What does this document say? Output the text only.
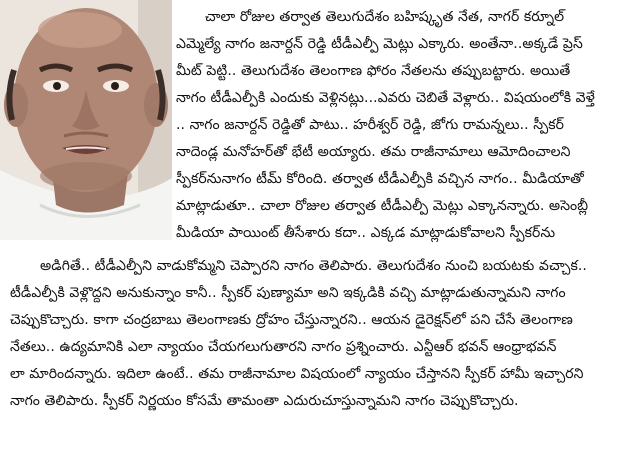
చాలా రోజుల తర్వాత తెలుగుదేశం బహిష్కృత నేత, నాగర్ కర్నూల్
ఎమ్మెల్యే నాగం జనార్దన్ రెడ్డి టీడీఎల్పీ మెట్లు ఎక్కారు. అంతేనా..అక్కడే ప్రెస్
మీట్ పెట్టి.. తెలుగుదేశం తెలంగాణ ఫోరం నేతలను తప్పుబట్టారు. అయితే
నాగం టీడీఎల్పీకి ఎందుకు వెళ్లినట్లు...ఎవరు చెబితే వెళ్లారు.. విషయంలోకి వెళ్తే
.. నాగం జనార్దన్ రెడ్డితో పాటు.. హరీశ్వర్ రెడ్డి, జోగు రామన్నలు.. స్పీకర్
నాదెండ్ల మనోహర్‌తో భేటీ అయ్యారు. తమ రాజీనామాలు ఆమోదించాలని
స్పీకర్‌నునాగం టీమ్ కోరింది. తర్వాత టీడీఎల్పీకి వచ్చిన నాగం.. మీడియాతో
మాట్లాడుతూ.. చాలా రోజుల తర్వాత టీడీఎల్పీ మెట్లు ఎక్కానన్నారు. అసెంబ్లీ
మీడియా పాయింట్ తీసేశారు కదా.. ఎక్కడ మాట్లాడుకోవాలని స్పీకర్‌ను
అడిగితే.. టీడీఎల్పీని వాడుకోమ్మని చెప్పారని నాగం తెలిపారు. తెలుగుదేశం నుంచి బయటకు వచ్చాక..
టీడీఎల్పీకి వెళ్లొద్దని అనుకున్నాం కానీ.. స్పీకర్ పుణ్యామా అని ఇక్కడికి వచ్చి మాట్లాడుతున్నామని నాగం
చెప్పుకొచ్చారు. కాగా చంద్రబాబు తెలంగాణకు ద్రోహం చేస్తున్నారని.. ఆయన డైరెక్షన్‌లో పని చేసే తెలంగాణ
నేతలు.. ఉద్యమానికి ఎలా న్యాయం చేయగలుగుతారని నాగం ప్రశ్నించారు. ఎన్టీఆర్ భవన్ ఆంధ్రాభవన్
లా మారిందన్నారు. ఇదిలా ఉంటే.. తమ రాజీనామాల విషయంలో న్యాయం చేస్తానని స్పీకర్ హామీ ఇచ్చారని
నాగం తెలిపారు. స్పీకర్ నిర్ణయం కోసమే తామంతా ఎదురుచూస్తున్నామని నాగం చెప్పుకొచ్చారు.
